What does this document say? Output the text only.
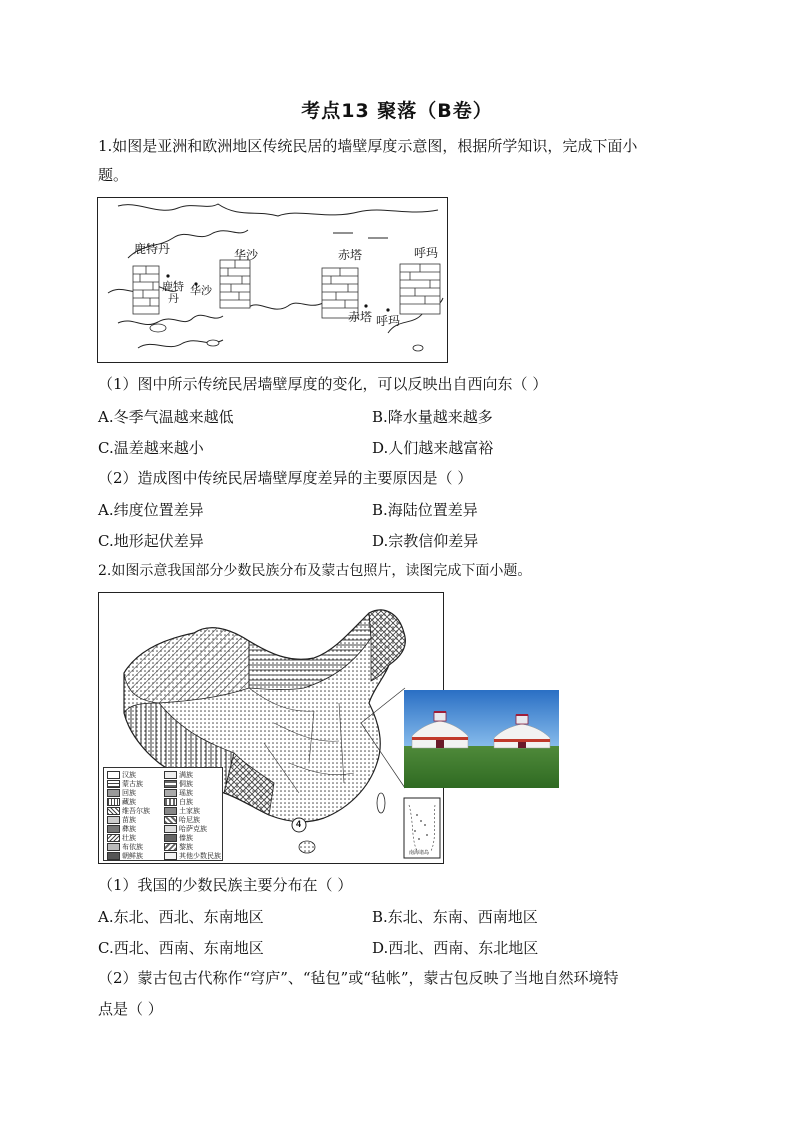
考点13 聚落（B卷）
1.如图是亚洲和欧洲地区传统民居的墙壁厚度示意图，根据所学知识，完成下面小
题。
鹿特丹	华沙	赤塔	呼玛
鹿特
丹
华沙
赤塔 呼玛
（1）图中所示传统民居墙壁厚度的变化，可以反映出自西向东（ ）
A.冬季气温越来越低	B.降水量越来越多
C.温差越来越小	D.人们越来越富裕
（2）造成图中传统民居墙壁厚度差异的主要原因是（ ）
A.纬度位置差异	B.海陆位置差异
C.地形起伏差异	D.宗教信仰差异
2.如图示意我国部分少数民族分布及蒙古包照片，读图完成下面小题。
4
南海诸岛
汉族
蒙古族
回族
藏族
维吾尔族
苗族
彝族
壮族
布依族
朝鲜族
满族
侗族
瑶族
白族
土家族
哈尼族
哈萨克族
傣族
黎族
其他少数民族
（1）我国的少数民族主要分布在（ ）
A.东北、西北、东南地区	B.东北、东南、西南地区
C.西北、西南、东南地区	D.西北、西南、东北地区
（2）蒙古包古代称作“穹庐”、“毡包”或“毡帐”，蒙古包反映了当地自然环境特
点是（ ）
